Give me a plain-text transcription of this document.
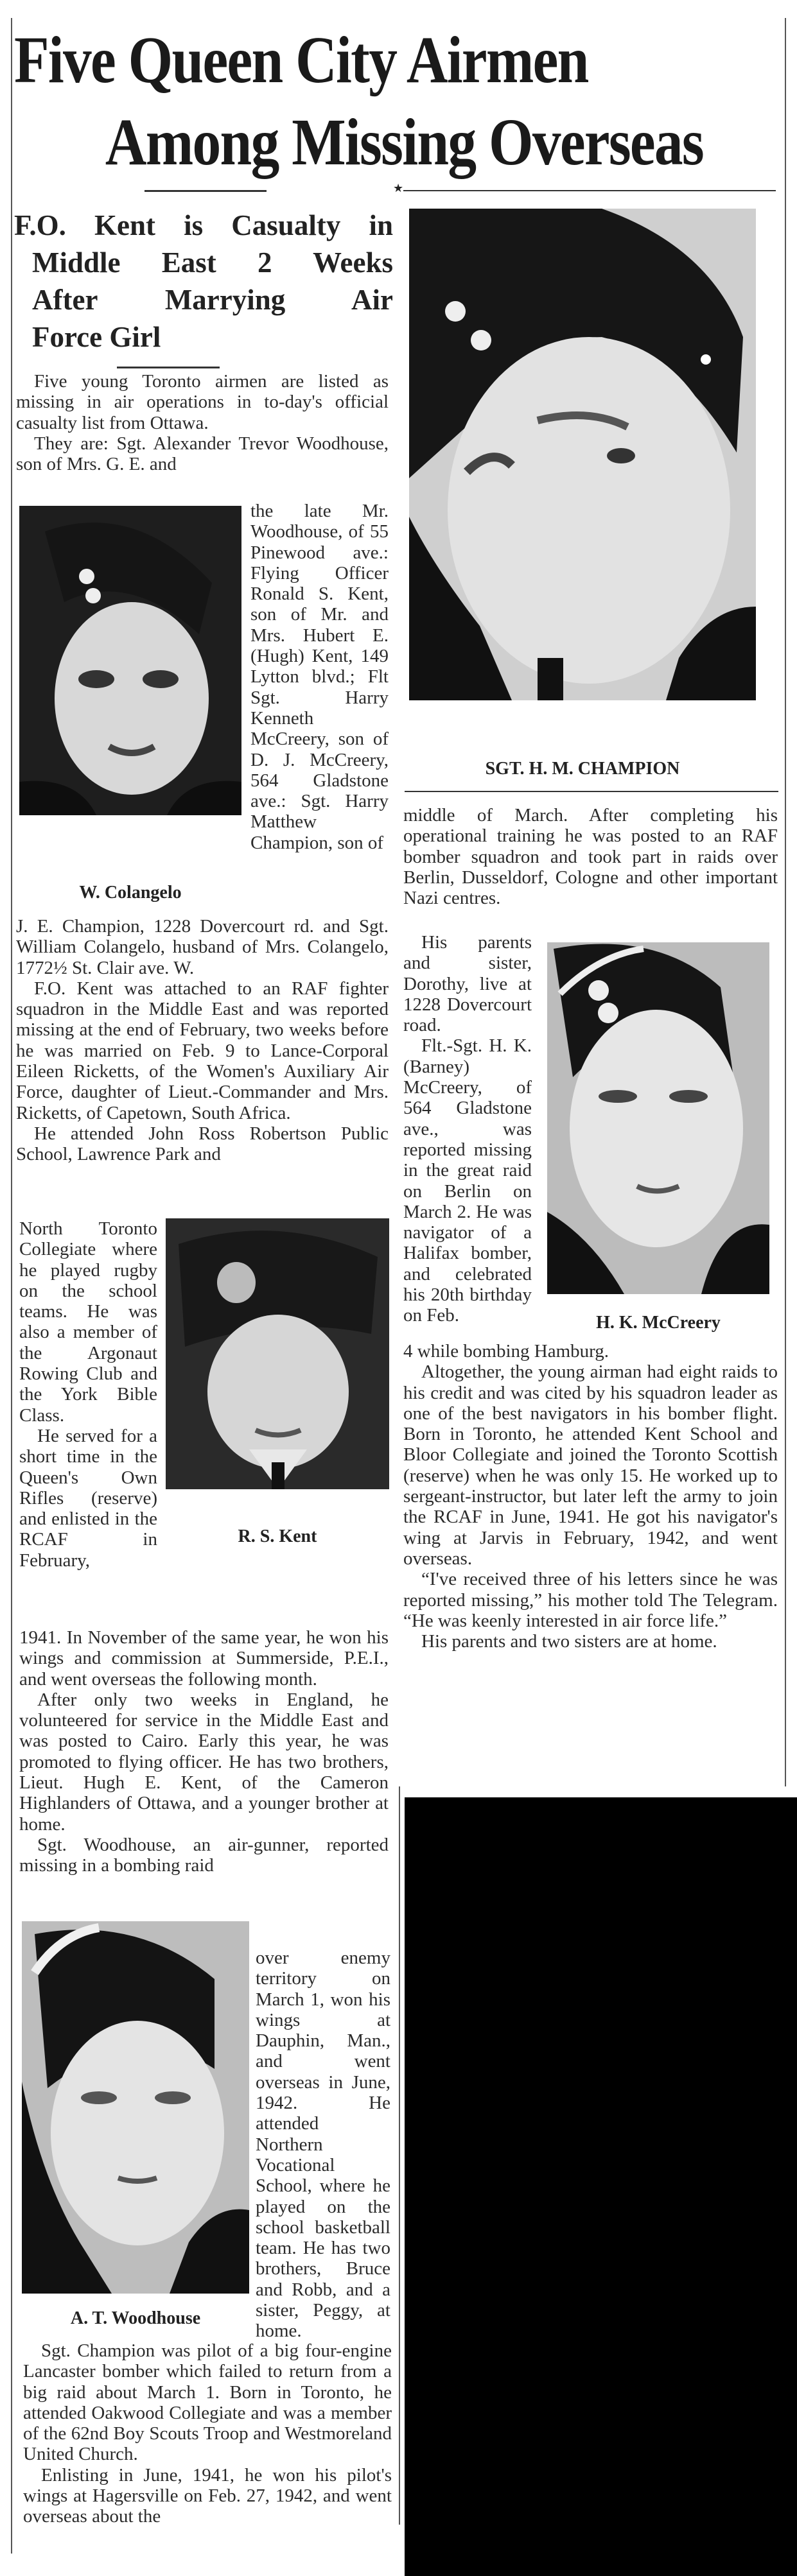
Five Queen City Airmen
Among Missing Overseas
★
F.O. Kent is Casualty in
Middle East 2 Weeks
After Marrying Air
Force Girl

Five young Toronto airmen are listed as missing in air operations in to-day's official casualty list from Ottawa.

They are: Sgt. Alexander Trevor Woodhouse, son of Mrs. G. E. and

W. Colangelo

the late Mr. Woodhouse, of 55 Pinewood ave.: Flying Officer Ronald S. Kent, son of Mr. and Mrs. Hubert E. (Hugh) Kent, 149 Lytton blvd.; Flt Sgt. Harry Kenneth McCreery, son of D. J. McCreery, 564 Gladstone ave.: Sgt. Harry Matthew Champion, son of

J. E. Champion, 1228 Dovercourt rd. and Sgt. William Colangelo, husband of Mrs. Colangelo, 1772½ St. Clair ave. W.

F.O. Kent was attached to an RAF fighter squadron in the Middle East and was reported missing at the end of February, two weeks before he was married on Feb. 9 to Lance-Corporal Eileen Ricketts, of the Women's Auxiliary Air Force, daughter of Lieut.-Commander and Mrs. Ricketts, of Capetown, South Africa.

He attended John Ross Robertson Public School, Lawrence Park and

R. S. Kent

North Toronto Collegiate where he played rugby on the school teams. He was also a member of the Argonaut Rowing Club and the York Bible Class.

He served for a short time in the Queen's Own Rifles (reserve) and enlisted in the RCAF in February,

1941. In November of the same year, he won his wings and commission at Summerside, P.E.I., and went overseas the following month.

After only two weeks in England, he volunteered for service in the Middle East and was posted to Cairo. Early this year, he was promoted to flying officer. He has two brothers, Lieut. Hugh E. Kent, of the Cameron Highlanders of Ottawa, and a younger brother at home.

Sgt. Woodhouse, an air-gunner, reported missing in a bombing raid

A. T. Woodhouse

over enemy territory on March 1, won his wings at Dauphin, Man., and went overseas in June, 1942. He attended Northern Vocational School, where he played on the school basketball team. He has two brothers, Bruce and Robb, and a sister, Peggy, at home.

Sgt. Champion was pilot of a big four-engine Lancaster bomber which failed to return from a big raid about March 1. Born in Toronto, he attended Oakwood Collegiate and was a member of the 62nd Boy Scouts Troop and Westmoreland United Church.

Enlisting in June, 1941, he won his pilot's wings at Hagersville on Feb. 27, 1942, and went overseas about the

SGT. H. M. CHAMPION

middle of March. After completing his operational training he was posted to an RAF bomber squadron and took part in raids over Berlin, Dusseldorf, Cologne and other important Nazi centres.

His parents and sister, Dorothy, live at 1228 Dovercourt road.

Flt.-Sgt. H. K. (Barney) McCreery, of 564 Gladstone ave., was reported missing in the great raid on Berlin on March 2. He was navigator of a Halifax bomber, and celebrated his 20th birthday on Feb.	H. K. McCreery

4 while bombing Hamburg.

Altogether, the young airman had eight raids to his credit and was cited by his squadron leader as one of the best navigators in his bomber flight. Born in Toronto, he attended Kent School and Bloor Collegiate and joined the Toronto Scottish (reserve) when he was only 15. He worked up to sergeant-instructor, but later left the army to join the RCAF in June, 1941. He got his navigator's wing at Jarvis in February, 1942, and went overseas.

“I've received three of his letters since he was reported missing,” his mother told The Telegram. “He was keenly interested in air force life.”

His parents and two sisters are at home.
